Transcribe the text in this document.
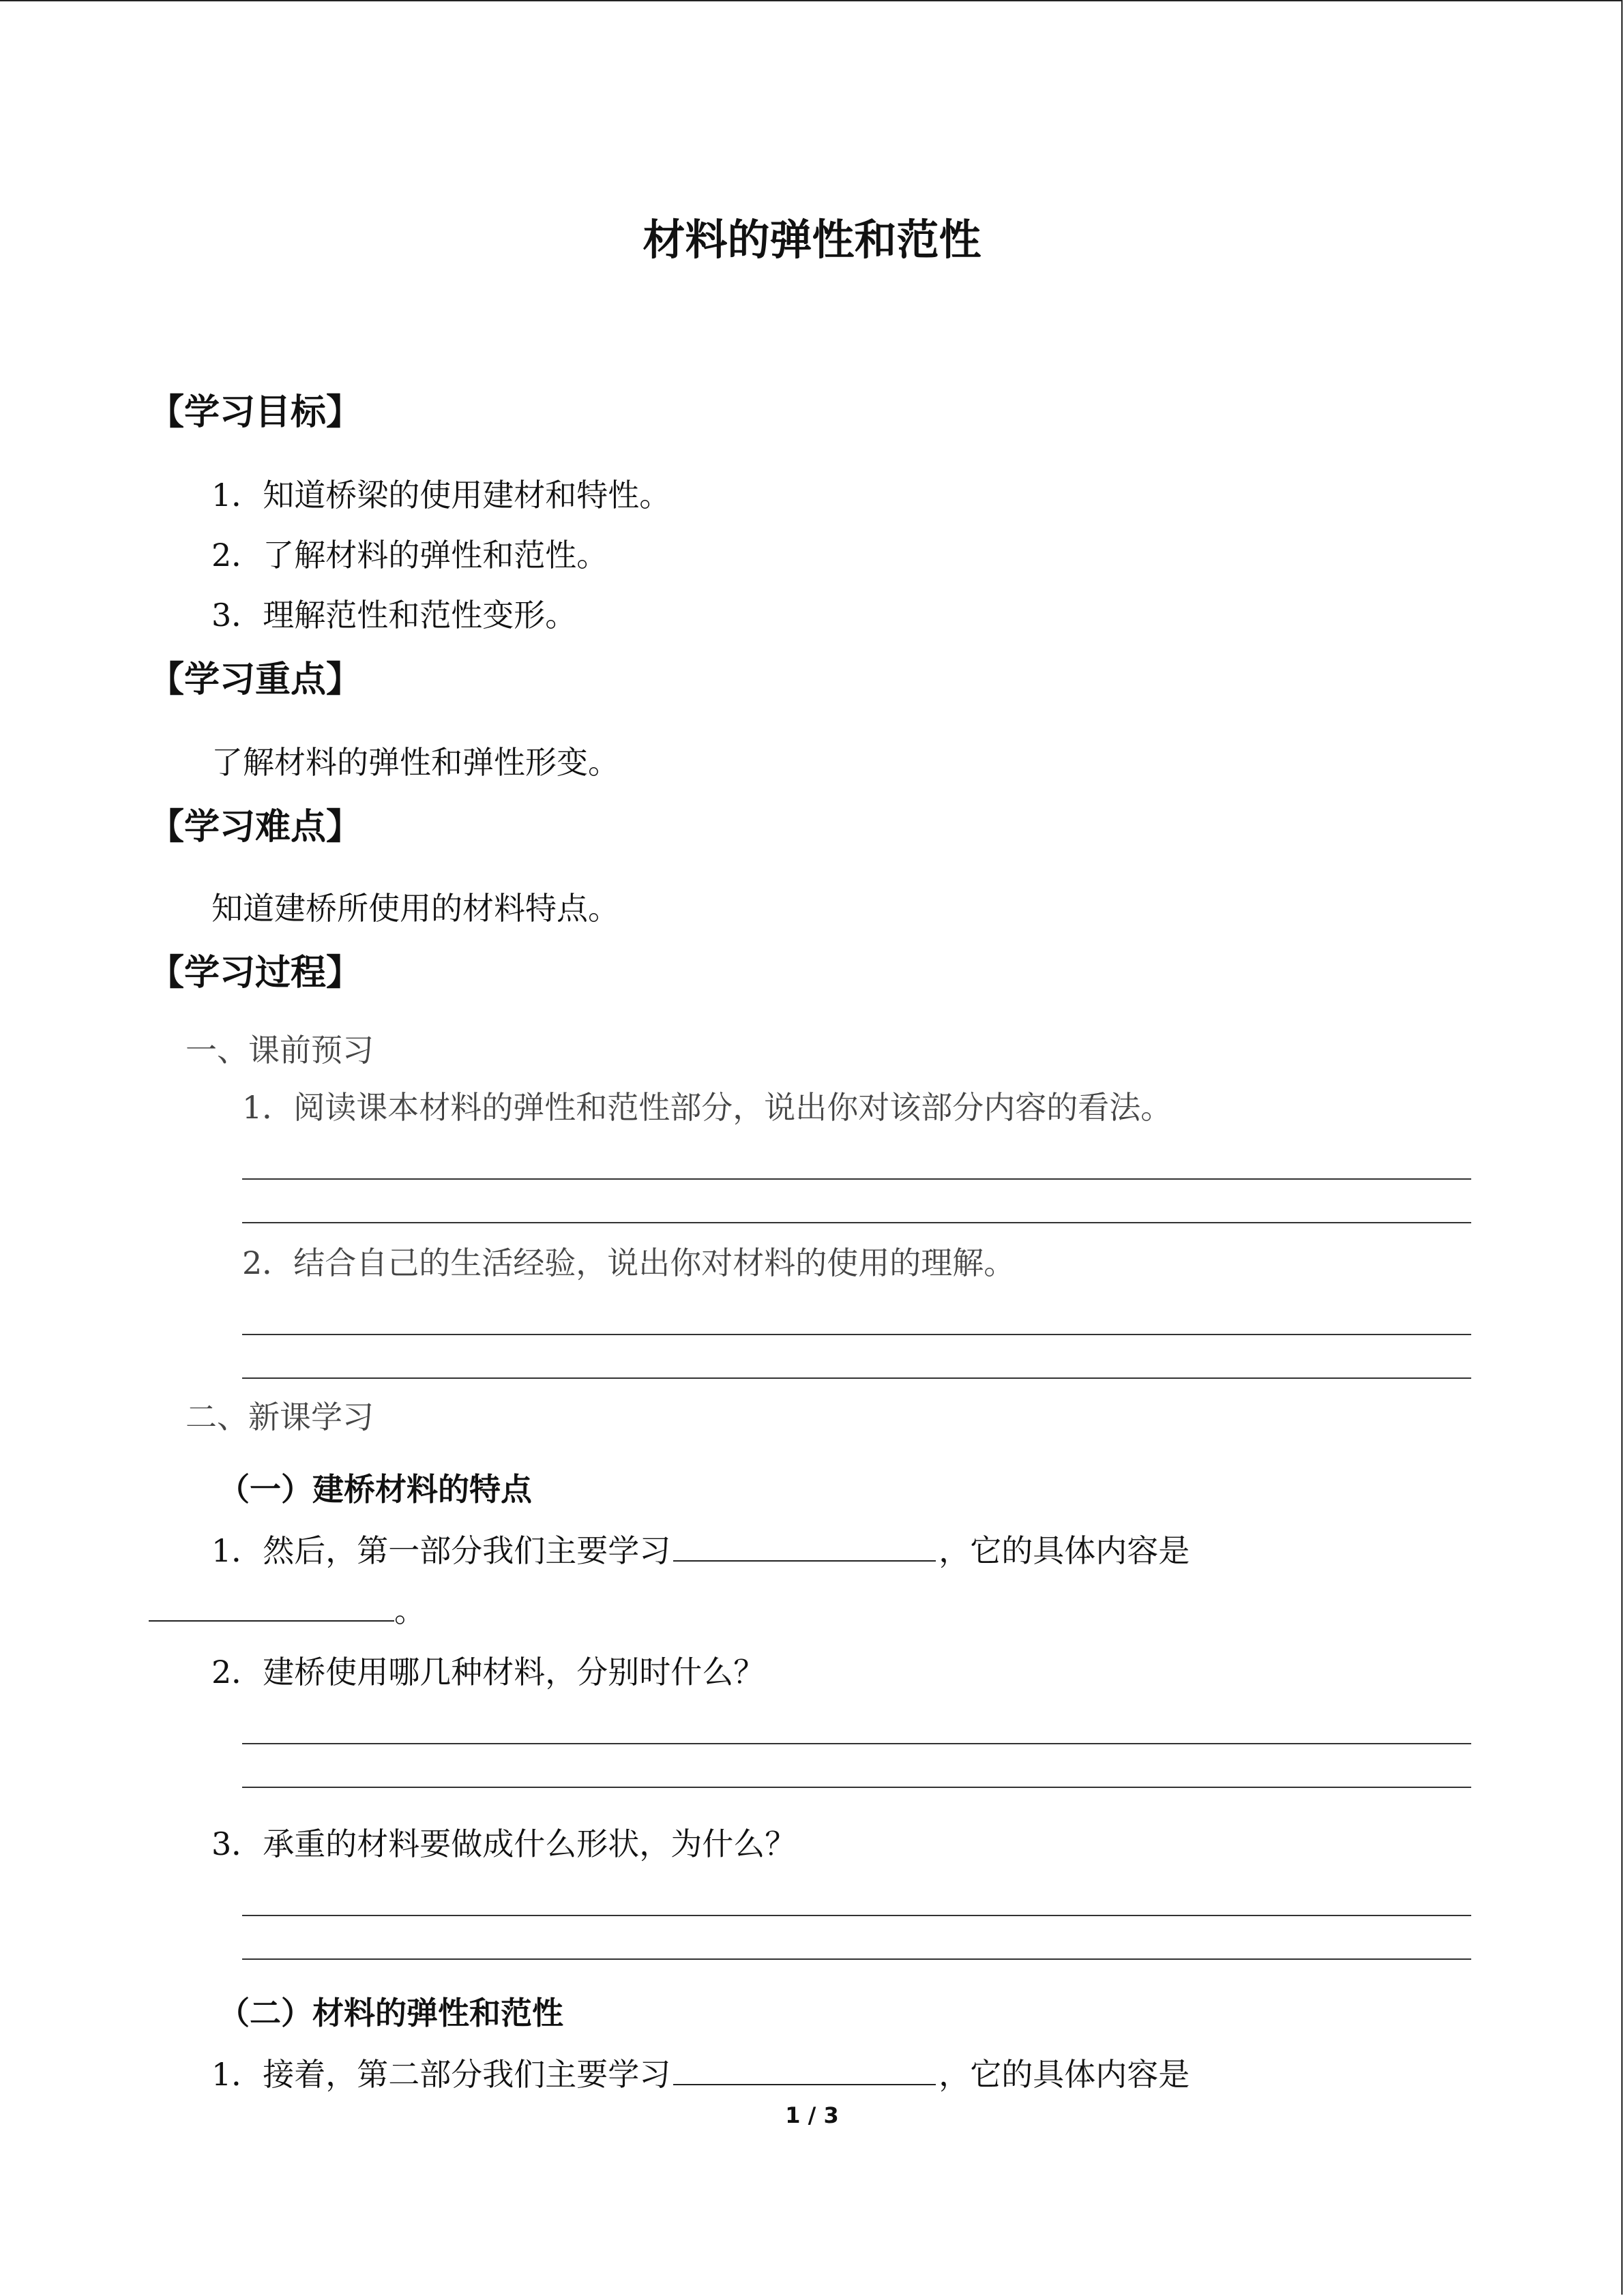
材料的弹性和范性
【学习目标】
1．知道桥梁的使用建材和特性。
2．了解材料的弹性和范性。
3．理解范性和范性变形。
【学习重点】
了解材料的弹性和弹性形变。
【学习难点】
知道建桥所使用的材料特点。
【学习过程】
一、课前预习
1．阅读课本材料的弹性和范性部分，说出你对该部分内容的看法。
2．结合自己的生活经验，说出你对材料的使用的理解。
二、新课学习
（一）建桥材料的特点
1．然后，第一部分我们主要学习	，它的具体内容是
。
2．建桥使用哪几种材料，分别时什么？
3．承重的材料要做成什么形状，为什么？
（二）材料的弹性和范性
1．接着，第二部分我们主要学习	，它的具体内容是
1 / 3
